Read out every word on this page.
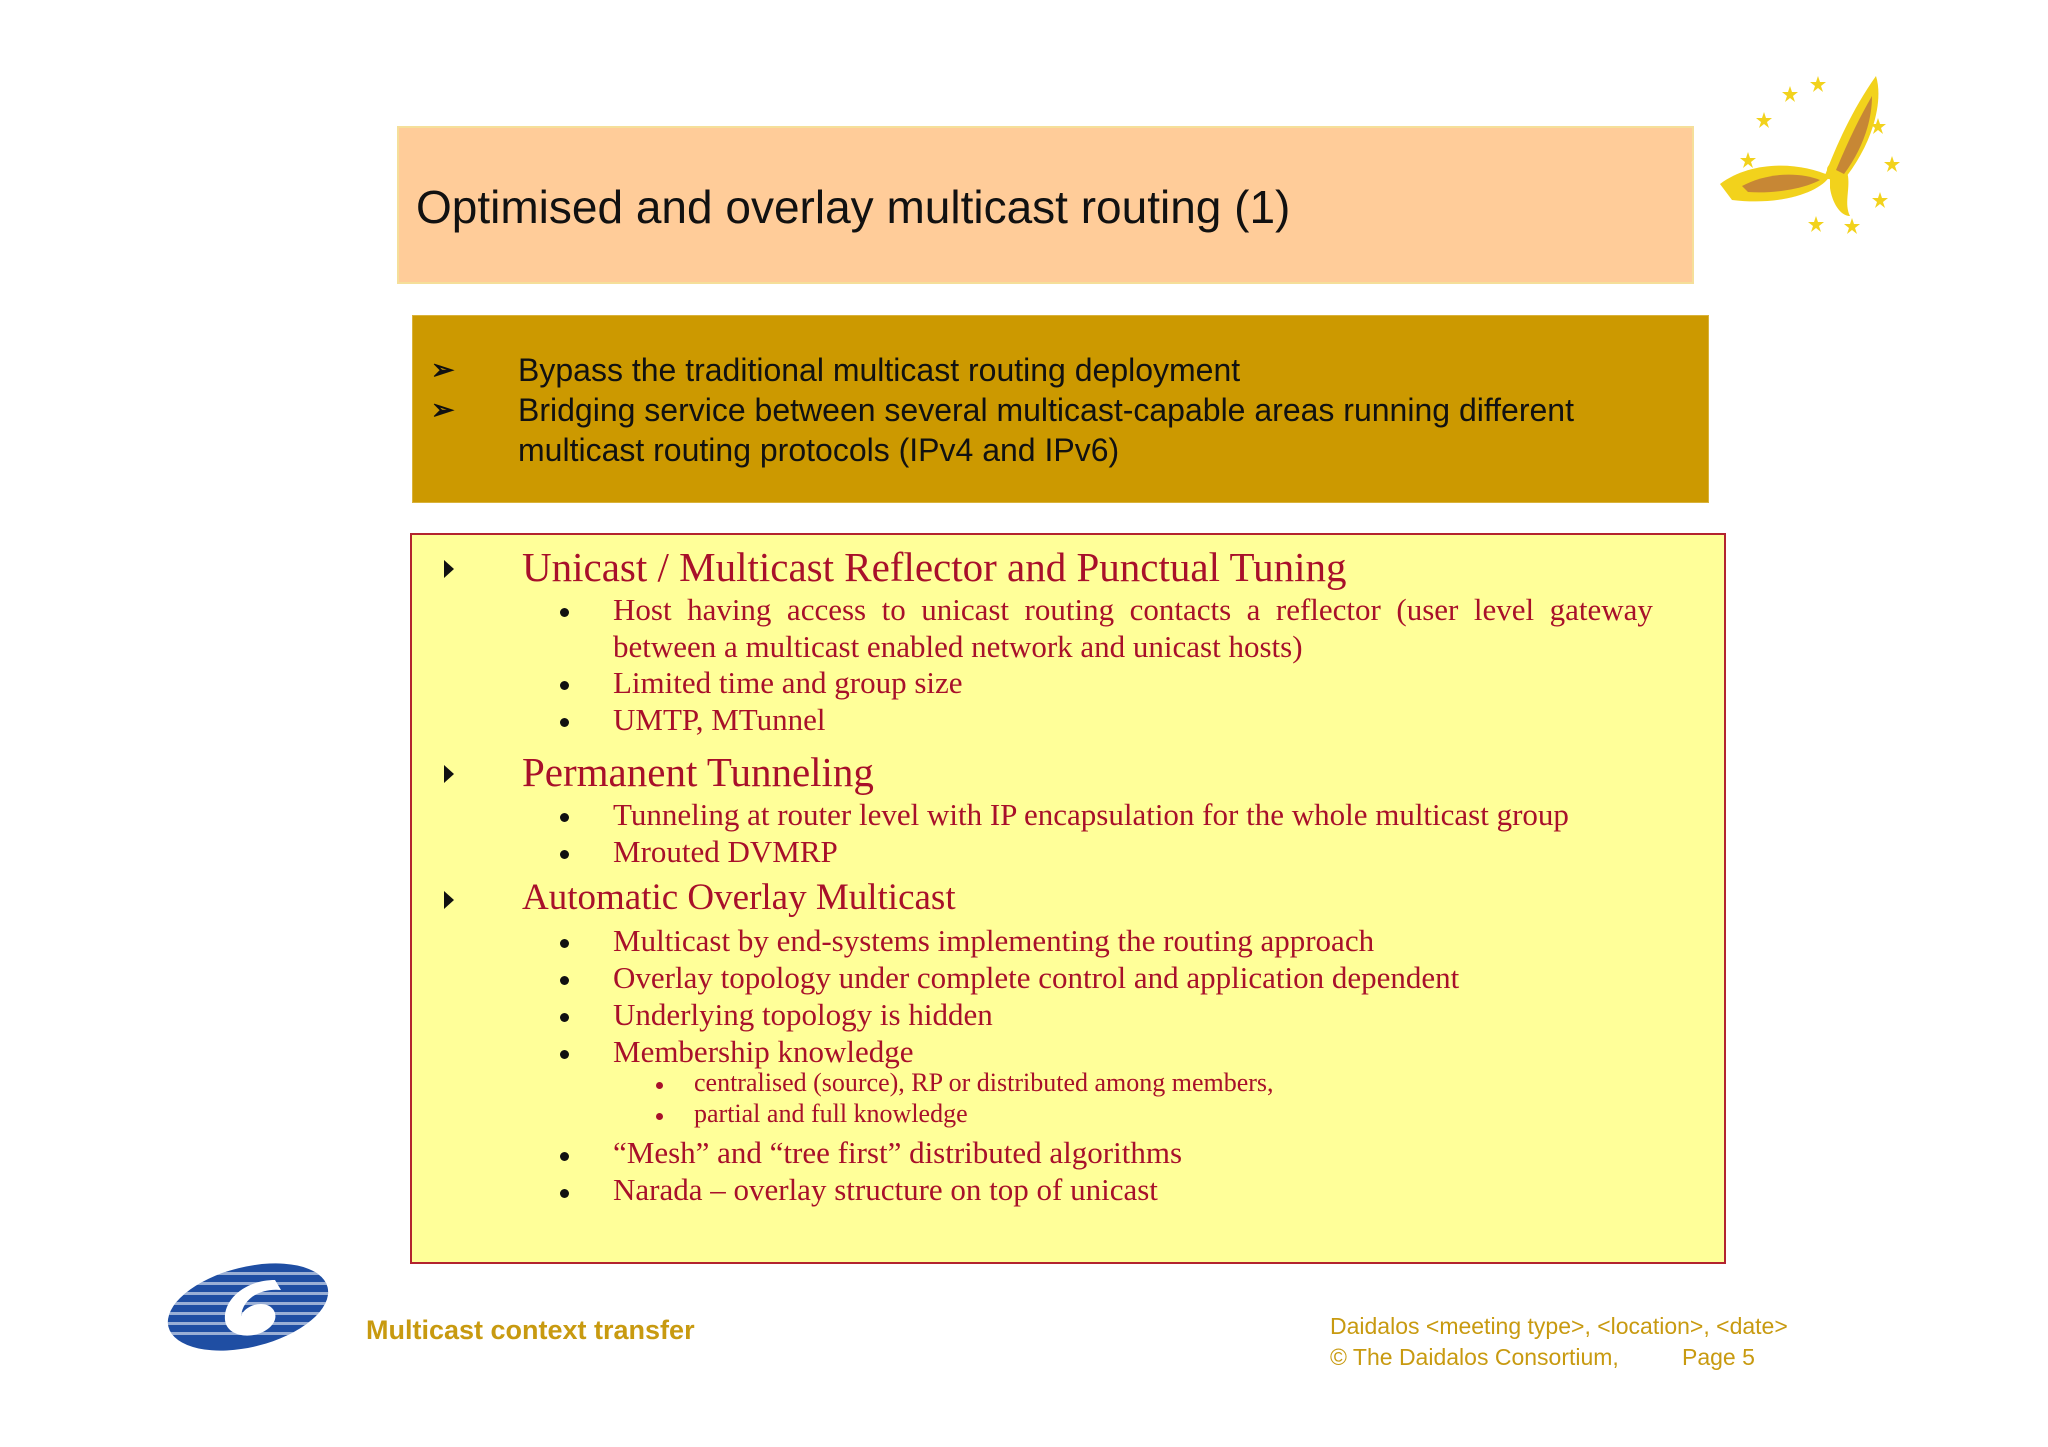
Optimised and overlay multicast routing (1)
➢ Bypass the traditional multicast routing deployment
➢ Bridging service between several multicast-capable areas running different
multicast routing protocols (IPv4 and IPv6)
Unicast / Multicast Reflector and Punctual Tuning
Host  having  access  to  unicast  routing  contacts  a  reflector  (user  level  gateway
between a multicast enabled network and unicast hosts)
Limited time and group size
UMTP, MTunnel
Permanent Tunneling
Tunneling at router level with IP encapsulation for the whole multicast group
Mrouted DVMRP
Automatic Overlay Multicast
Multicast by end-systems implementing the routing approach
Overlay topology under complete control and application dependent
Underlying topology is hidden
Membership knowledge
centralised (source), RP or distributed among members,
partial and full knowledge
“Mesh” and “tree first” distributed algorithms
Narada – overlay structure on top of unicast
Multicast context transfer	Daidalos <meeting type>, <location>, <date>
© The Daidalos Consortium,	Page 5
